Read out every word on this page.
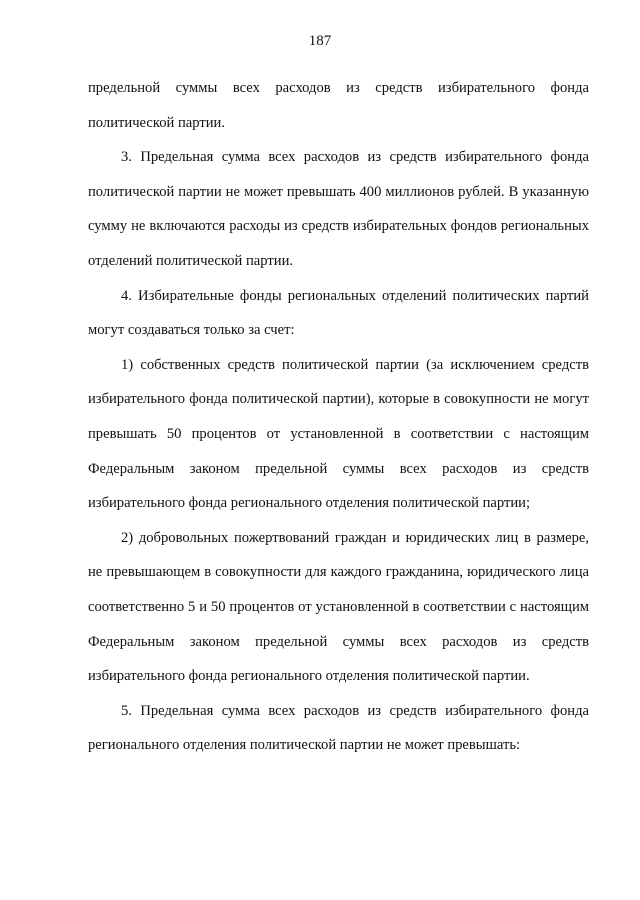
187

предельной суммы всех расходов из средств избирательного фонда политической партии.

3. Предельная сумма всех расходов из средств избирательного фонда политической партии не может превышать 400 миллионов рублей. В указанную сумму не включаются расходы из средств избирательных фондов региональных отделений политической партии.

4. Избирательные фонды региональных отделений политических партий могут создаваться только за счет:

1) собственных средств политической партии (за исключением средств избирательного фонда политической партии), которые в совокупности не могут превышать 50 процентов от установленной в соответствии с настоящим Федеральным законом предельной суммы всех расходов из средств избирательного фонда регионального отделения политической партии;

2) добровольных пожертвований граждан и юридических лиц в размере, не превышающем в совокупности для каждого гражданина, юридического лица соответственно 5 и 50 процентов от установленной в соответствии с настоящим Федеральным законом предельной суммы всех расходов из средств избирательного фонда регионального отделения политической партии.

5. Предельная сумма всех расходов из средств избирательного фонда регионального отделения политической партии не может превышать:
